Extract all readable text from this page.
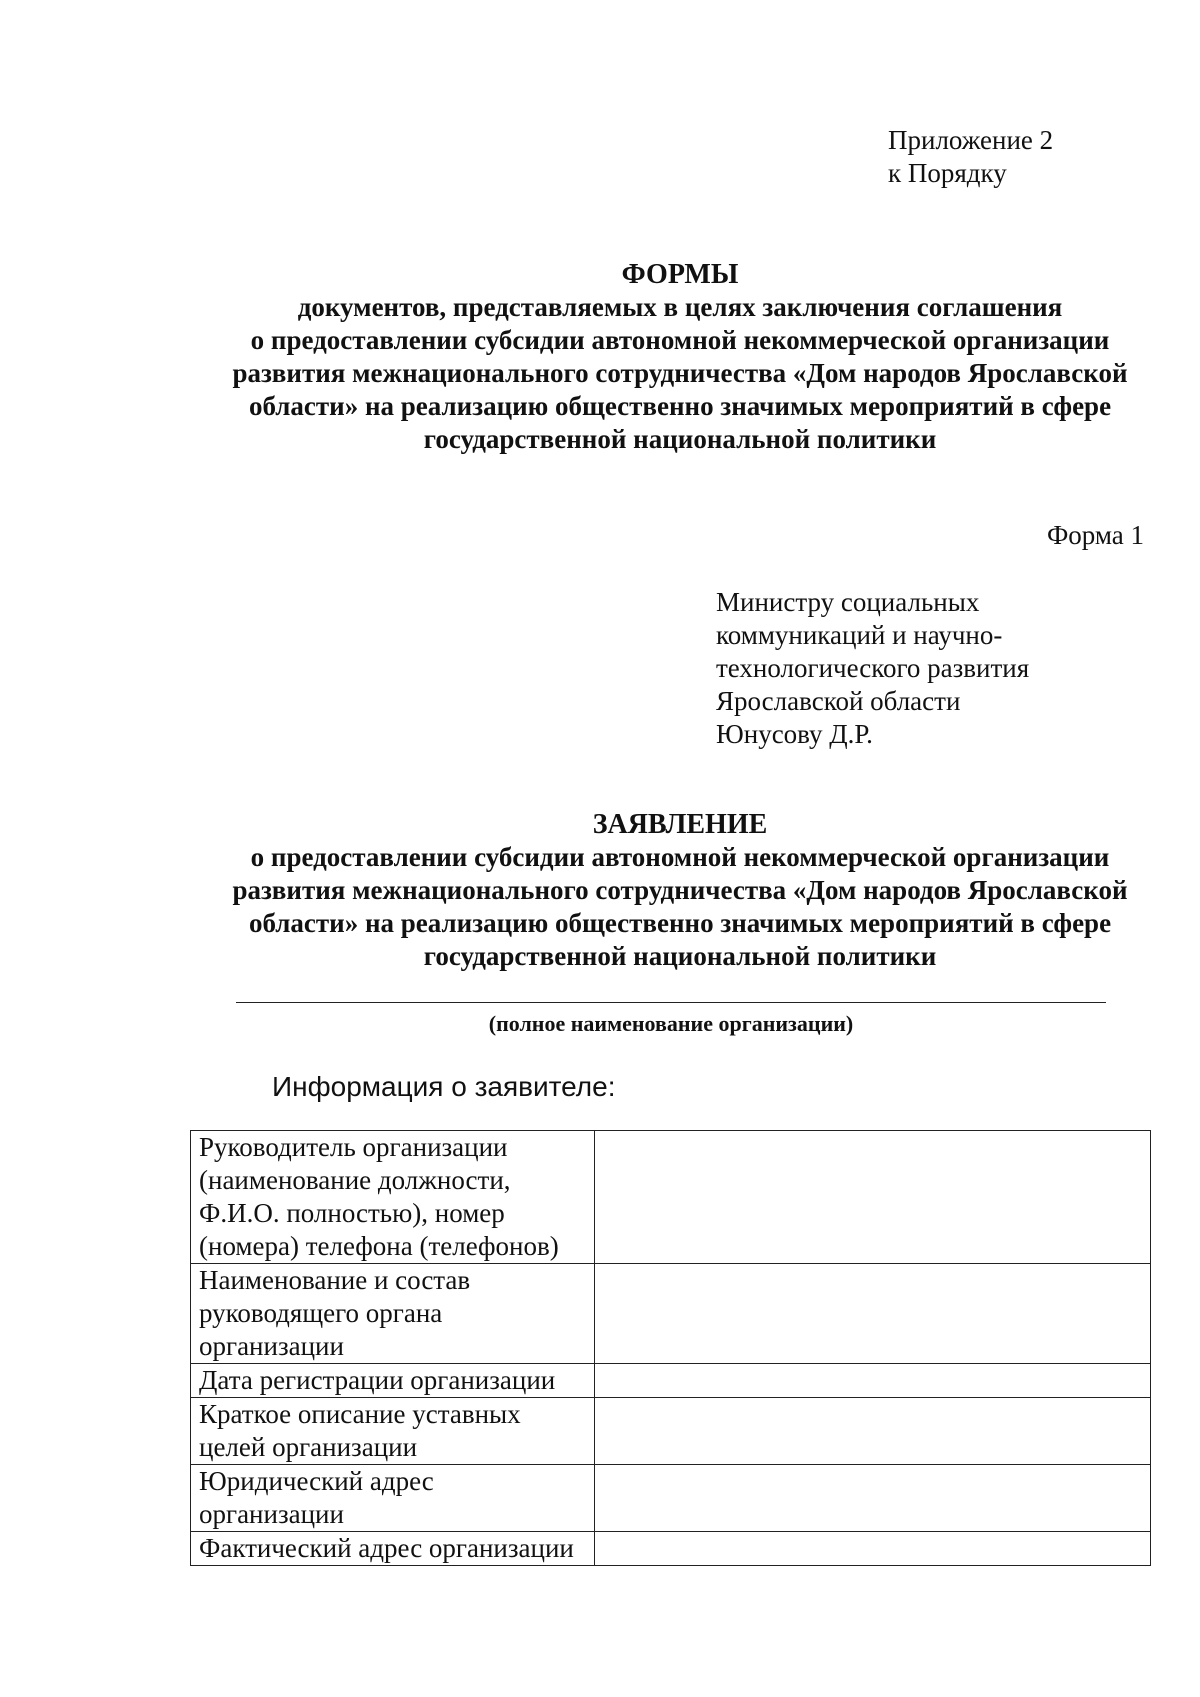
Приложение 2
к Порядку
ФОРМЫ
документов, представляемых в целях заключения соглашения
о предоставлении субсидии автономной некоммерческой организации
развития межнационального сотрудничества «Дом народов Ярославской
области» на реализацию общественно значимых мероприятий в сфере
государственной национальной политики
Форма 1
Министру социальных
коммуникаций и научно-
технологического развития
Ярославской области
Юнусову Д.Р.
ЗАЯВЛЕНИЕ
о предоставлении субсидии автономной некоммерческой организации
развития межнационального сотрудничества «Дом народов Ярославской
области» на реализацию общественно значимых мероприятий в сфере
государственной национальной политики
(полное наименование организации)
Информация о заявителе:
Руководитель организации
(наименование должности,
Ф.И.О. полностью), номер
(номера) телефона (телефонов)	

Наименование и состав
руководящего органа
организации	

Дата регистрации организации	

Краткое описание уставных
целей организации	

Юридический адрес
организации	

Фактический адрес организации	
